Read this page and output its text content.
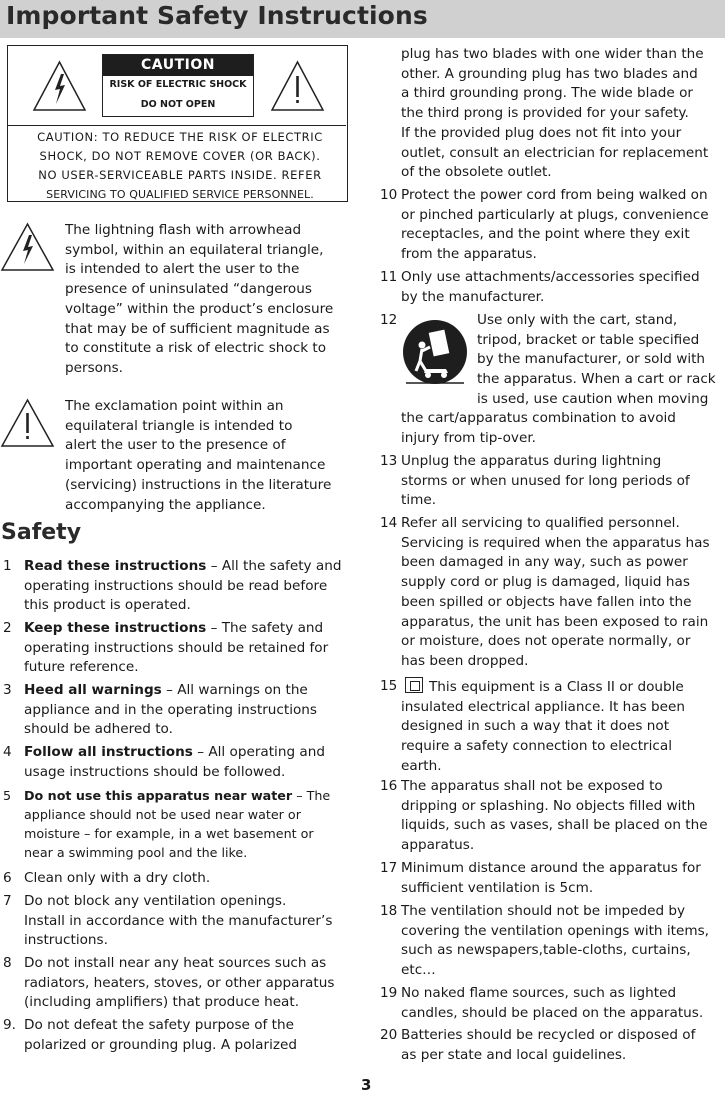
Important Safety Instructions
CAUTION
RISK OF ELECTRIC SHOCK
DO NOT OPEN
CAUTION: TO REDUCE THE RISK OF ELECTRIC
SHOCK, DO NOT REMOVE COVER (OR BACK).
NO USER-SERVICEABLE PARTS INSIDE. REFER
SERVICING TO QUALIFIED SERVICE PERSONNEL.
The lightning flash with arrowhead
symbol, within an equilateral triangle,
is intended to alert the user to the
presence of uninsulated “dangerous
voltage” within the product’s enclosure
that may be of sufficient magnitude as
to constitute a risk of electric shock to
persons.
The exclamation point within an
equilateral triangle is intended to
alert the user to the presence of
important operating and maintenance
(servicing) instructions in the literature
accompanying the appliance.
Safety
1 Read these instructions – All the safety and
operating instructions should be read before
this product is operated.
2 Keep these instructions – The safety and
operating instructions should be retained for
future reference.
3 Heed all warnings – All warnings on the
appliance and in the operating instructions
should be adhered to.
4 Follow all instructions – All operating and
usage instructions should be followed.
5 Do not use this apparatus near water – The
appliance should not be used near water or
moisture – for example, in a wet basement or
near a swimming pool and the like.
6 Clean only with a dry cloth.
7 Do not block any ventilation openings.
Install in accordance with the manufacturer’s
instructions.
8 Do not install near any heat sources such as
radiators, heaters, stoves, or other apparatus
(including amplifiers) that produce heat.
9. Do not defeat the safety purpose of the
polarized or grounding plug. A polarized
plug has two blades with one wider than the
other. A grounding plug has two blades and
a third grounding prong. The wide blade or
the third prong is provided for your safety.
If the provided plug does not fit into your
outlet, consult an electrician for replacement
of the obsolete outlet.
10 Protect the power cord from being walked on
or pinched particularly at plugs, convenience
receptacles, and the point where they exit
from the apparatus.
11 Only use attachments/accessories specified
by the manufacturer.
12	Use only with the cart, stand,
tripod, bracket or table specified
by the manufacturer, or sold with
the apparatus. When a cart or rack
is used, use caution when moving
the cart/apparatus combination to avoid
injury from tip-over.
13 Unplug the apparatus during lightning
storms or when unused for long periods of
time.
14 Refer all servicing to qualified personnel.
Servicing is required when the apparatus has
been damaged in any way, such as power
supply cord or plug is damaged, liquid has
been spilled or objects have fallen into the
apparatus, the unit has been exposed to rain
or moisture, does not operate normally, or
has been dropped.
15	This equipment is a Class II or double
insulated electrical appliance. It has been
designed in such a way that it does not
require a safety connection to electrical
earth.
16 The apparatus shall not be exposed to
dripping or splashing. No objects filled with
liquids, such as vases, shall be placed on the
apparatus.
17 Minimum distance around the apparatus for
sufficient ventilation is 5cm.
18 The ventilation should not be impeded by
covering the ventilation openings with items,
such as newspapers,table-cloths, curtains,
etc…
19 No naked flame sources, such as lighted
candles, should be placed on the apparatus.
20 Batteries should be recycled or disposed of
as per state and local guidelines.
3
